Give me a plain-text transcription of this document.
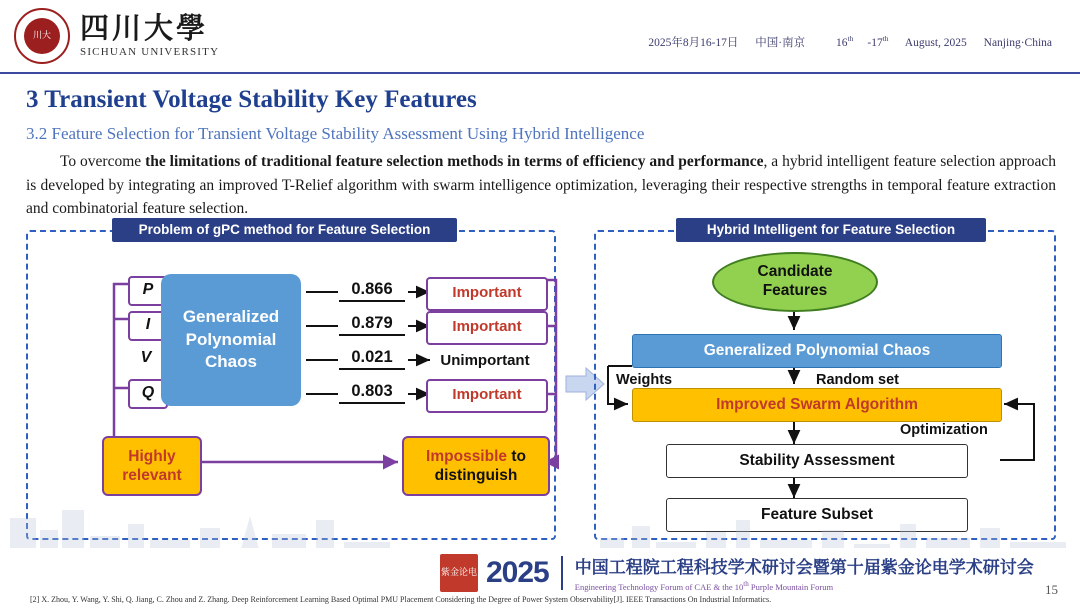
川大	四川大學
SICHUAN UNIVERSITY
2025年8月16-17日 中国·南京	16th -17th August, 2025 Nanjing·China
3 Transient Voltage Stability Key Features
3.2 Feature Selection for Transient Voltage Stability Assessment Using Hybrid Intelligence
To overcome the limitations of traditional feature selection methods in terms of efficiency and performance, a hybrid intelligent feature selection approach is developed by integrating an improved T-Relief algorithm with swarm intelligence optimization, leveraging their respective strengths in temporal feature extraction and combinatorial feature selection.
Problem of gPC method for Feature Selection
P
I
V
Q
Generalized Polynomial Chaos
0.866
0.879
0.021
0.803
Important
Important
Unimportant
Important
Highly
relevant
Impossible to
distinguish
Hybrid Intelligent for Feature Selection
Candidate
Features
Generalized Polynomial Chaos
Improved Swarm Algorithm
Stability Assessment
Feature Subset
Weights	Random set
Optimization
紫金论电 2025 中国工程院工程科技学术研讨会暨第十届紫金论电学术研讨会
Engineering Technology Forum of CAE & the 10th Purple Mountain Forum
[2] X. Zhou, Y. Wang, Y. Shi, Q. Jiang, C. Zhou and Z. Zhang. Deep Reinforcement Learning Based Optimal PMU Placement Considering the Degree of Power System Observability[J]. IEEE Transactions On Industrial Informatics.
15
